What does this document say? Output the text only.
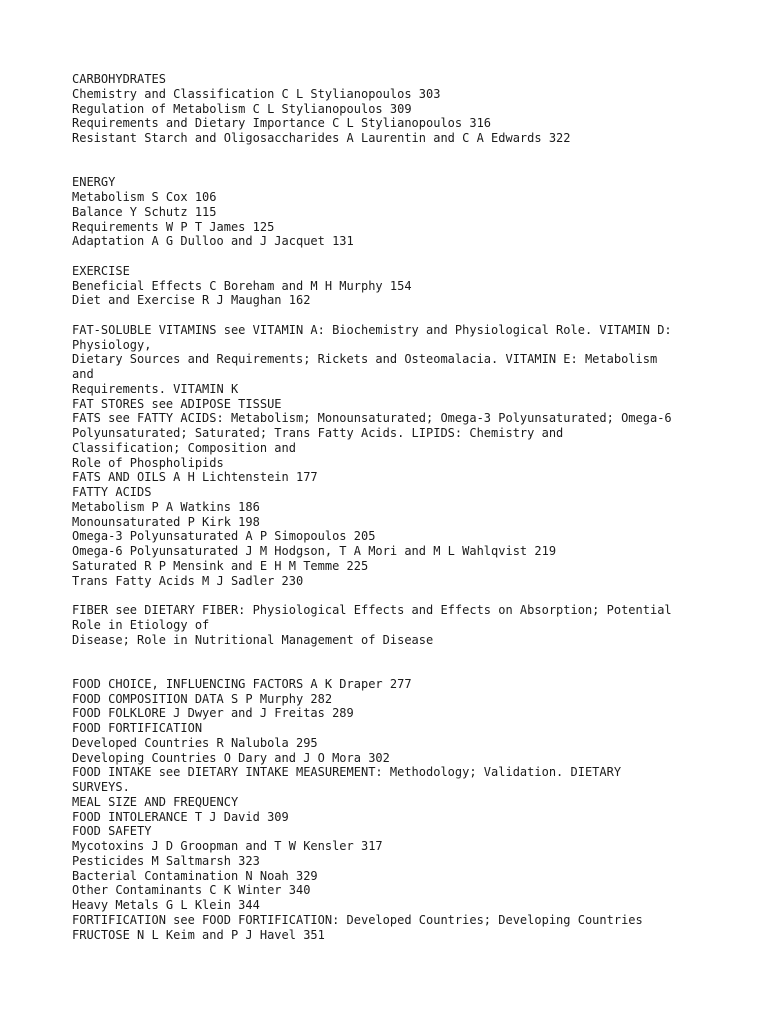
CARBOHYDRATES
Chemistry and Classification C L Stylianopoulos 303
Regulation of Metabolism C L Stylianopoulos 309
Requirements and Dietary Importance C L Stylianopoulos 316
Resistant Starch and Oligosaccharides A Laurentin and C A Edwards 322
ENERGY
Metabolism S Cox 106
Balance Y Schutz 115
Requirements W P T James 125
Adaptation A G Dulloo and J Jacquet 131
EXERCISE
Beneficial Effects C Boreham and M H Murphy 154
Diet and Exercise R J Maughan 162
FAT-SOLUBLE VITAMINS see VITAMIN A: Biochemistry and Physiological Role. VITAMIN D:
Physiology,
Dietary Sources and Requirements; Rickets and Osteomalacia. VITAMIN E: Metabolism
and
Requirements. VITAMIN K
FAT STORES see ADIPOSE TISSUE
FATS see FATTY ACIDS: Metabolism; Monounsaturated; Omega-3 Polyunsaturated; Omega-6
Polyunsaturated; Saturated; Trans Fatty Acids. LIPIDS: Chemistry and
Classification; Composition and
Role of Phospholipids
FATS AND OILS A H Lichtenstein 177
FATTY ACIDS
Metabolism P A Watkins 186
Monounsaturated P Kirk 198
Omega-3 Polyunsaturated A P Simopoulos 205
Omega-6 Polyunsaturated J M Hodgson, T A Mori and M L Wahlqvist 219
Saturated R P Mensink and E H M Temme 225
Trans Fatty Acids M J Sadler 230
FIBER see DIETARY FIBER: Physiological Effects and Effects on Absorption; Potential
Role in Etiology of
Disease; Role in Nutritional Management of Disease
FOOD CHOICE, INFLUENCING FACTORS A K Draper 277
FOOD COMPOSITION DATA S P Murphy 282
FOOD FOLKLORE J Dwyer and J Freitas 289
FOOD FORTIFICATION
Developed Countries R Nalubola 295
Developing Countries O Dary and J O Mora 302
FOOD INTAKE see DIETARY INTAKE MEASUREMENT: Methodology; Validation. DIETARY
SURVEYS.
MEAL SIZE AND FREQUENCY
FOOD INTOLERANCE T J David 309
FOOD SAFETY
Mycotoxins J D Groopman and T W Kensler 317
Pesticides M Saltmarsh 323
Bacterial Contamination N Noah 329
Other Contaminants C K Winter 340
Heavy Metals G L Klein 344
FORTIFICATION see FOOD FORTIFICATION: Developed Countries; Developing Countries
FRUCTOSE N L Keim and P J Havel 351
